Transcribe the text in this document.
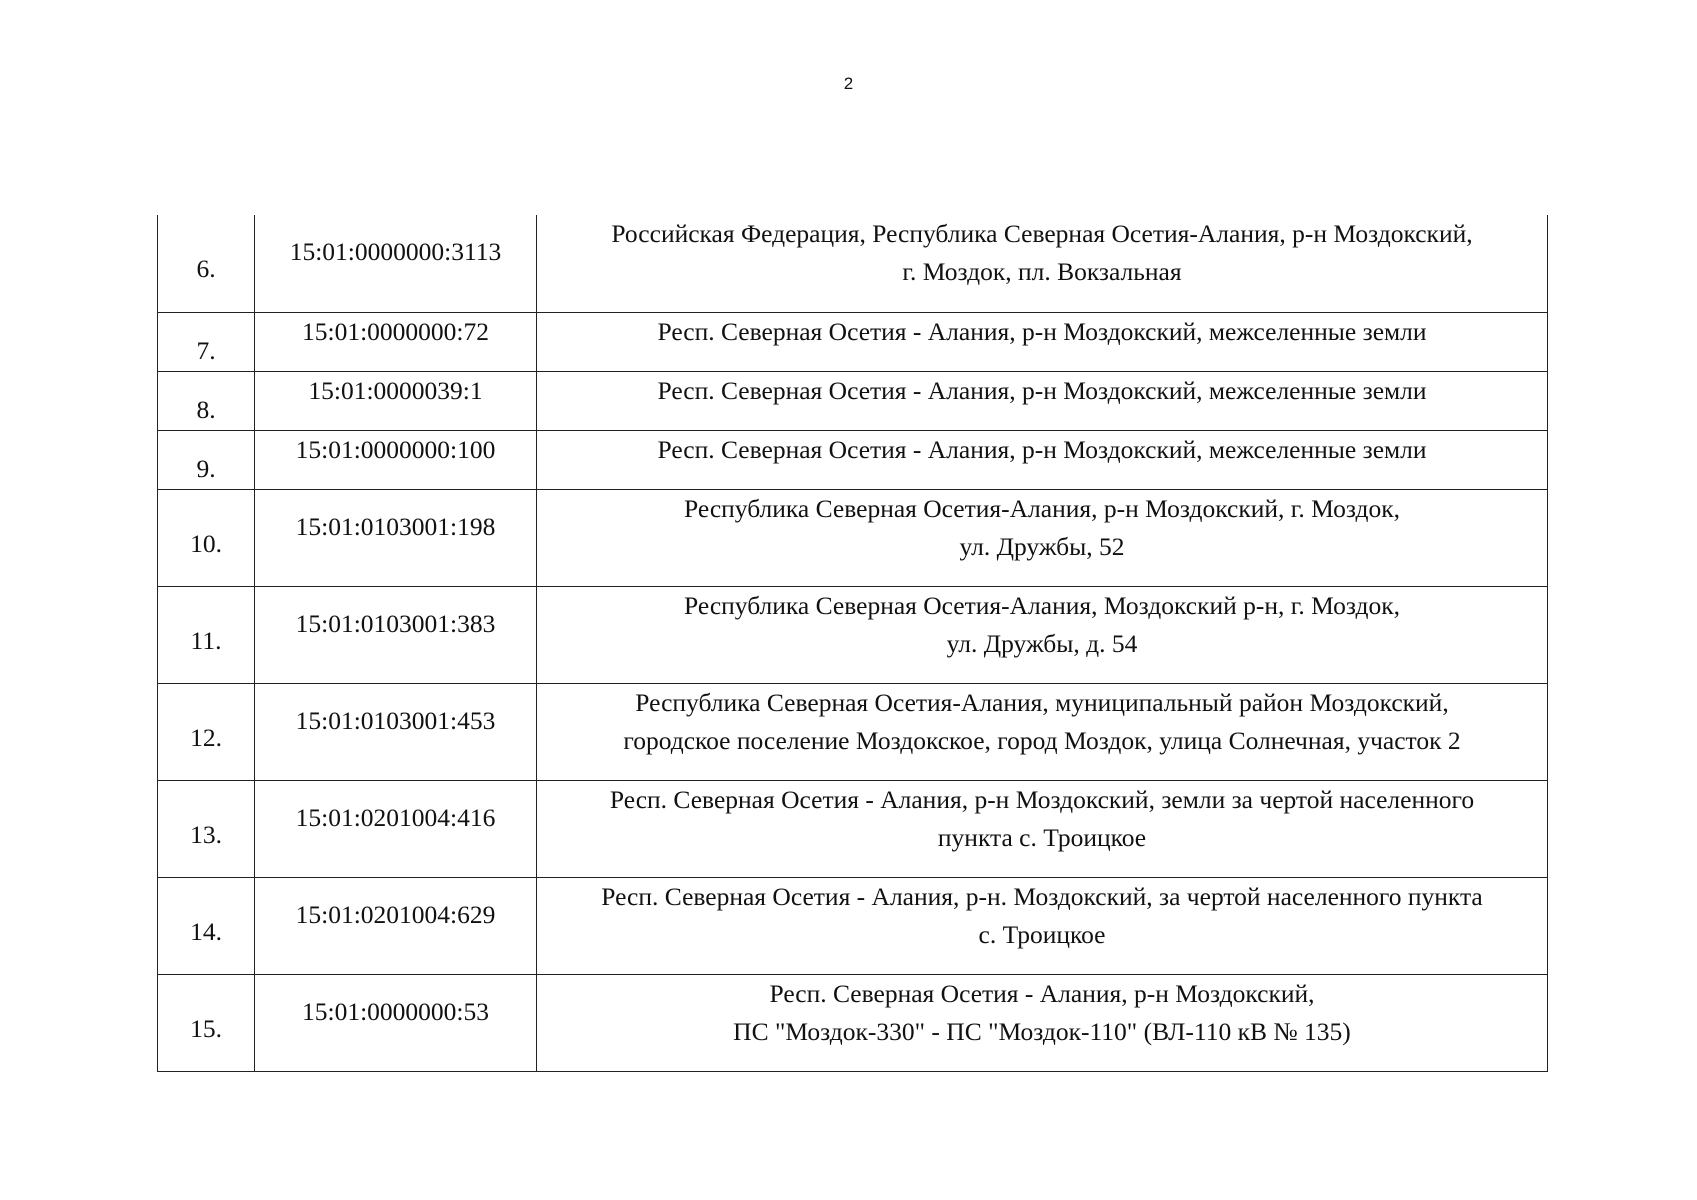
2
6.	15:01:0000000:3113	Российская Федерация, Республика Северная Осетия-Алания, р-н Моздокский,
г. Моздок, пл. Вокзальная

7.	15:01:0000000:72	Респ. Северная Осетия - Алания, р-н Моздокский, межселенные земли

8.	15:01:0000039:1	Респ. Северная Осетия - Алания, р-н Моздокский, межселенные земли

9.	15:01:0000000:100	Респ. Северная Осетия - Алания, р-н Моздокский, межселенные земли

10.	15:01:0103001:198	Республика Северная Осетия-Алания, р-н Моздокский, г. Моздок,
ул. Дружбы, 52

11.	15:01:0103001:383	Республика Северная Осетия-Алания, Моздокский р-н, г. Моздок,
ул. Дружбы, д. 54

12.	15:01:0103001:453	Республика Северная Осетия-Алания, муниципальный район Моздокский,
городское поселение Моздокское, город Моздок, улица Солнечная, участок 2

13.	15:01:0201004:416	Респ. Северная Осетия - Алания, р-н Моздокский, земли за чертой населенного
пункта с. Троицкое

14.	15:01:0201004:629	Респ. Северная Осетия - Алания, р-н. Моздокский, за чертой населенного пункта
с. Троицкое

15.	15:01:0000000:53	Респ. Северная Осетия - Алания, р-н Моздокский,
ПС "Моздок-330" - ПС "Моздок-110" (ВЛ-110 кВ № 135)
